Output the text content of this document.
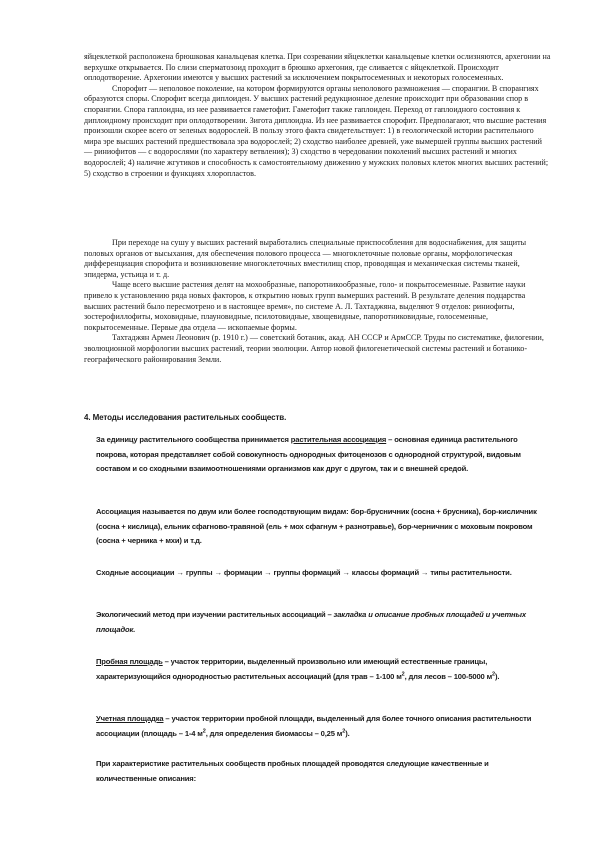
яйцеклеткой расположена брюшковая канальцевая клетка. При созревании яйцеклетки канальцевые клетки ослизняются, архегонии на верхушке открывается. По слизи сперматозоид проходит в брюшко архегония, где сливается с яйцеклеткой. Происходит оплодотворение. Архегонии имеются у высших растений за исключением покрытосеменных и некоторых голосеменных.

Спорофит — неполовое поколение, на котором формируются органы неполового размножения — спорангии. В спорангиях образуются споры. Спорофит всегда диплоиден. У высших растений редукционное деление происходит при образовании спор в спорангии. Спора гаплоидна, из нее развивается гаметофит. Гаметофит также гаплоиден. Переход от гаплоидного состояния к диплоидному происходит при оплодотворении. Зигота диплоидна. Из нее развивается спорофит. Предполагают, что высшие растения произошли скорее всего от зеленых водорослей. В пользу этого факта свидетельствует: 1) в геологической истории растительного мира эре высших растений предшествовала эра водорослей; 2) сходство наиболее древней, уже вымершей группы высших растений — риниофитов — с водорослями (по характеру ветвления); 3) сходство в чередовании поколений высших растений и многих водорослей; 4) наличие жгутиков и способность к самостоятельному движению у мужских половых клеток многих высших растений; 5) сходство в строении и функциях хлоропластов.

При переходе на сушу у высших растений выработались специальные приспособления для водоснабжения, для защиты половых органов от высыхания, для обеспечения полового процесса — многоклеточные половые органы, морфологическая дифференциация спорофита и возникновение многоклеточных вместилищ спор, проводящая и механическая системы тканей, эпидерма, устьица и т. д.

Чаще всего высшие растения делят на мохообразные, папоротникообразные, голо- и покрытосеменные. Развитие науки привело к установлению ряда новых факторов, к открытию новых групп вымерших растений. В результате деления подцарства высших растений было пересмотрено и в настоящее время», по системе А. Л. Тахтаджяна, выделяют 9 отделов: риниофиты, зостерофиллофиты, моховидные, плауновидные, псилотовидные, хвощевидные, папоротниковидные, голосеменные, покрытосеменные. Первые два отдела — ископаемые формы.

Тахтаджян Армен Леонович (р. 1910 г.) — советский ботаник, акад. АН СССР и АрмССР. Труды по систематике, филогении, эволюционной морфологии высших растений, теории эволюции. Автор новой филогенетической системы растений и ботанико-географического районирования Земли.

4. Методы исследования растительных сообществ.

За единицу растительного сообщества принимается растительная ассоциация – основная единица растительного покрова, которая представляет собой совокупность однородных фитоценозов с однородной структурой, видовым составом и со сходными взаимоотношениями организмов как друг с другом, так и с внешней средой.

Ассоциация называется по двум или более господствующим видам: бор-брусничник (сосна + брусника), бор-кисличник (сосна + кислица), ельник сфагново-травяной (ель + мох сфагнум + разнотравье), бор-черничник с моховым покровом (сосна + черника + мхи) и т.д.

Сходные ассоциации → группы → формации → группы формаций → классы формаций → типы растительности.

Экологический метод при изучении растительных ассоциаций – закладка и описание пробных площадей и учетных площадок.

Пробная площадь – участок территории, выделенный произвольно или имеющий естественные границы, характеризующийся однородностью растительных ассоциаций (для трав – 1-100 $м^2$, для лесов – 100-5000 $м^2$).

Учетная площадка – участок территории пробной площади, выделенный для более точного описания растительности ассоциации (площадь – 1-4 $м^2$, для определения биомассы – 0,25 $м^2$).

При характеристике растительных сообществ пробных площадей проводятся следующие качественные и количественные описания:
